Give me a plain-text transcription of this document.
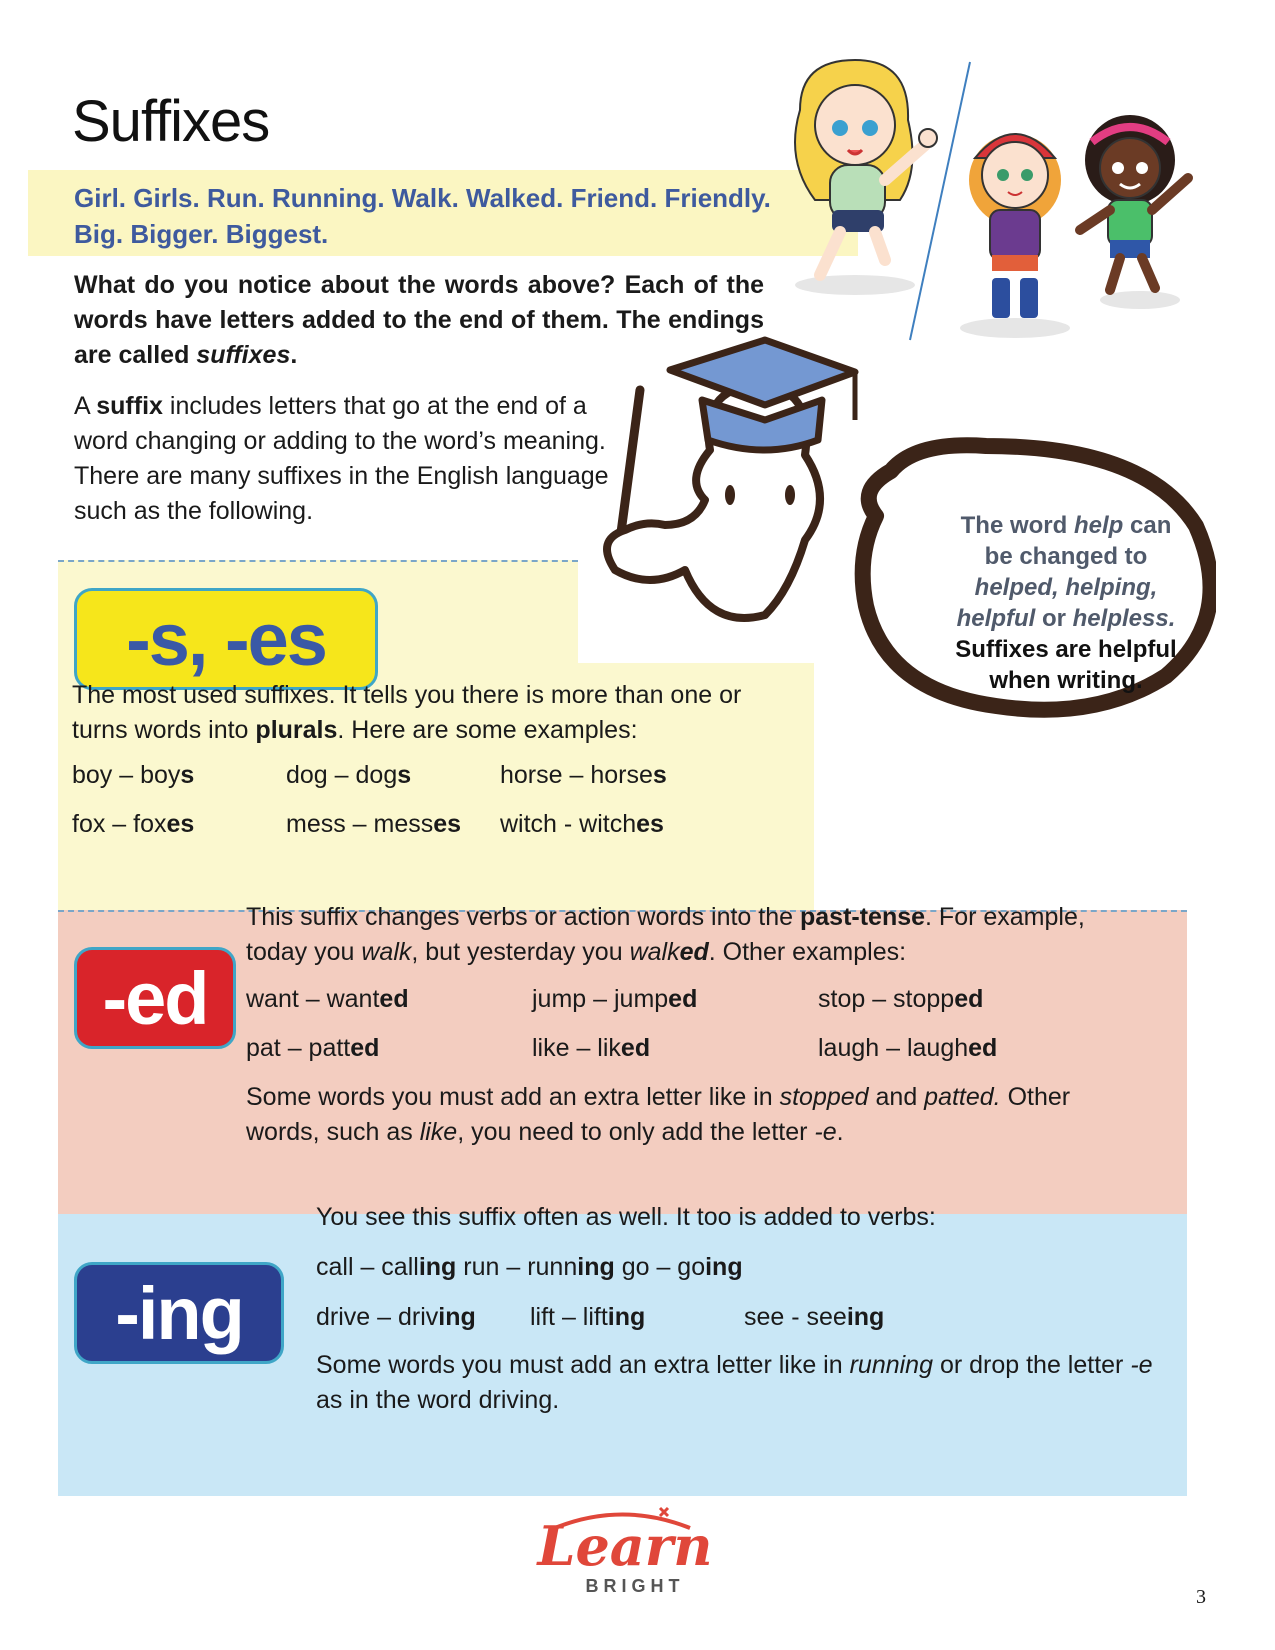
Suffixes
Girl. Girls. Run. Running. Walk. Walked. Friend. Friendly.
Big. Bigger. Biggest.
What do you notice about the words above? Each of the words have letters added to the end of them. The endings are called suffixes.
A suffix includes letters that go at the end of a word changing or adding to the word’s meaning. There are many suffixes in the English language such as the following.
The word help can
be changed to
helped, helping,
helpful or helpless.
Suffixes are helpful
when writing.
-s, -es
The most used suffixes. It tells you there is more than one or turns words into plurals. Here are some examples:
boy – boys	dog – dogs	horse – horses
fox – foxes	mess – messes	witch - witches
-ed
This suffix changes verbs or action words into the past-tense. For example, today you walk, but yesterday you walked. Other examples:
want – wanted	jump – jumped	stop – stopped
pat – patted	like – liked	laugh – laughed
Some words you must add an extra letter like in stopped and patted. Other words, such as like, you need to only add the letter -e.
-ing
You see this suffix often as well. It too is added to verbs:
call – calling run – running go – going
drive – driving	lift – lifting	see - seeing
Some words you must add an extra letter like in running or drop the letter -e as in the word driving.
Learn
BRIGHT	3
